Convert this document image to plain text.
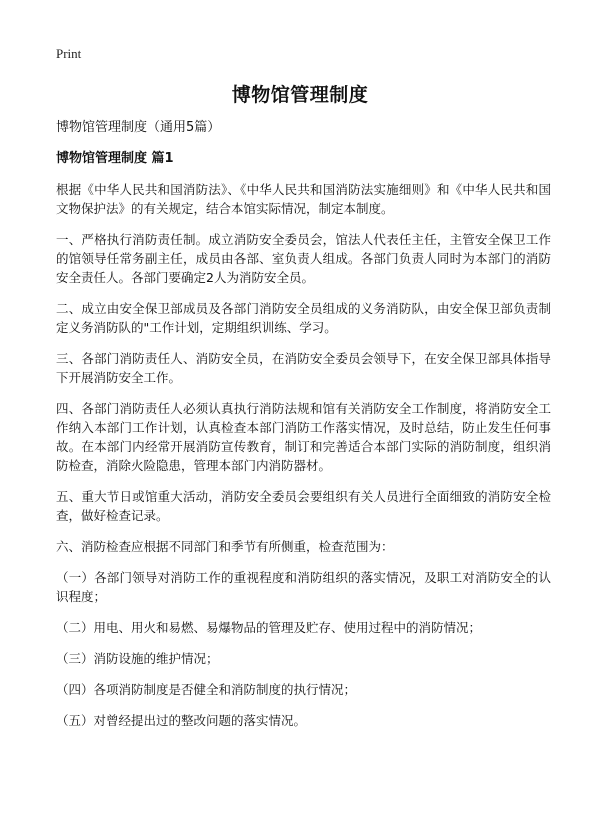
Print
博物馆管理制度

博物馆管理制度（通用5篇）

博物馆管理制度 篇1

根据《中华人民共和国消防法》、《中华人民共和国消防法实施细则》和《中华人民共和国文物保护法》的有关规定，结合本馆实际情况，制定本制度。

一、严格执行消防责任制。成立消防安全委员会，馆法人代表任主任，主管安全保卫工作的馆领导任常务副主任，成员由各部、室负责人组成。各部门负责人同时为本部门的消防安全责任人。各部门要确定2人为消防安全员。

二、成立由安全保卫部成员及各部门消防安全员组成的义务消防队，由安全保卫部负责制定义务消防队的"工作计划，定期组织训练、学习。

三、各部门消防责任人、消防安全员，在消防安全委员会领导下，在安全保卫部具体指导下开展消防安全工作。

四、各部门消防责任人必须认真执行消防法规和馆有关消防安全工作制度，将消防安全工作纳入本部门工作计划，认真检查本部门消防工作落实情况，及时总结，防止发生任何事故。在本部门内经常开展消防宣传教育，制订和完善适合本部门实际的消防制度，组织消防检查，消除火险隐患，管理本部门内消防器材。

五、重大节日或馆重大活动，消防安全委员会要组织有关人员进行全面细致的消防安全检查，做好检查记录。

六、消防检查应根据不同部门和季节有所侧重，检查范围为：

（一）各部门领导对消防工作的重视程度和消防组织的落实情况，及职工对消防安全的认识程度；

（二）用电、用火和易燃、易爆物品的管理及贮存、使用过程中的消防情况；

（三）消防设施的维护情况；

（四）各项消防制度是否健全和消防制度的执行情况；

（五）对曾经提出过的整改问题的落实情况。
